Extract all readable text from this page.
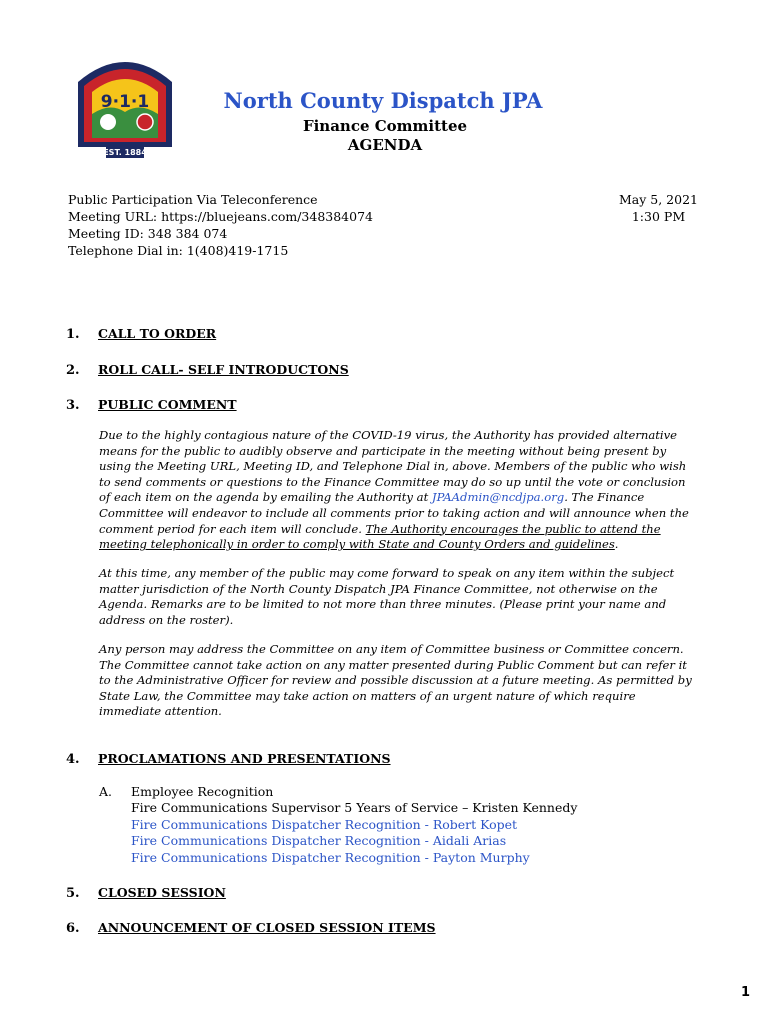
EST. 1884
9·1·1	North County Dispatch JPA
Finance Committee
AGENDA
Public Participation Via Teleconference
Meeting URL: https://bluejeans.com/348384074
Meeting ID: 348 384 074
Telephone Dial in: 1(408)419-1715
May 5, 2021
1:30 PM
1. CALL TO ORDER
2. ROLL CALL- SELF INTRODUCTONS
3. PUBLIC COMMENT
Due to the highly contagious nature of the COVID-19 virus, the Authority has provided alternative means for the public to audibly observe and participate in the meeting without being present by using the Meeting URL, Meeting ID, and Telephone Dial in, above. Members of the public who wish to send comments or questions to the Finance Committee may do so up until the vote or conclusion of each item on the agenda by emailing the Authority at JPAAdmin@ncdjpa.org. The Finance Committee will endeavor to include all comments prior to taking action and will announce when the comment period for each item will conclude. The Authority encourages the public to attend the meeting telephonically in order to comply with State and County Orders and guidelines.
At this time, any member of the public may come forward to speak on any item within the subject matter jurisdiction of the North County Dispatch JPA Finance Committee, not otherwise on the Agenda. Remarks are to be limited to not more than three minutes. (Please print your name and address on the roster).
Any person may address the Committee on any item of Committee business or Committee concern. The Committee cannot take action on any matter presented during Public Comment but can refer it to the Administrative Officer for review and possible discussion at a future meeting. As permitted by State Law, the Committee may take action on matters of an urgent nature of which require immediate attention.
4. PROCLAMATIONS AND PRESENTATIONS
A. Employee Recognition
Fire Communications Supervisor 5 Years of Service – Kristen Kennedy
Fire Communications Dispatcher Recognition - Robert Kopet
Fire Communications Dispatcher Recognition - Aidali Arias
Fire Communications Dispatcher Recognition - Payton Murphy
5. CLOSED SESSION
6. ANNOUNCEMENT OF CLOSED SESSION ITEMS
1
